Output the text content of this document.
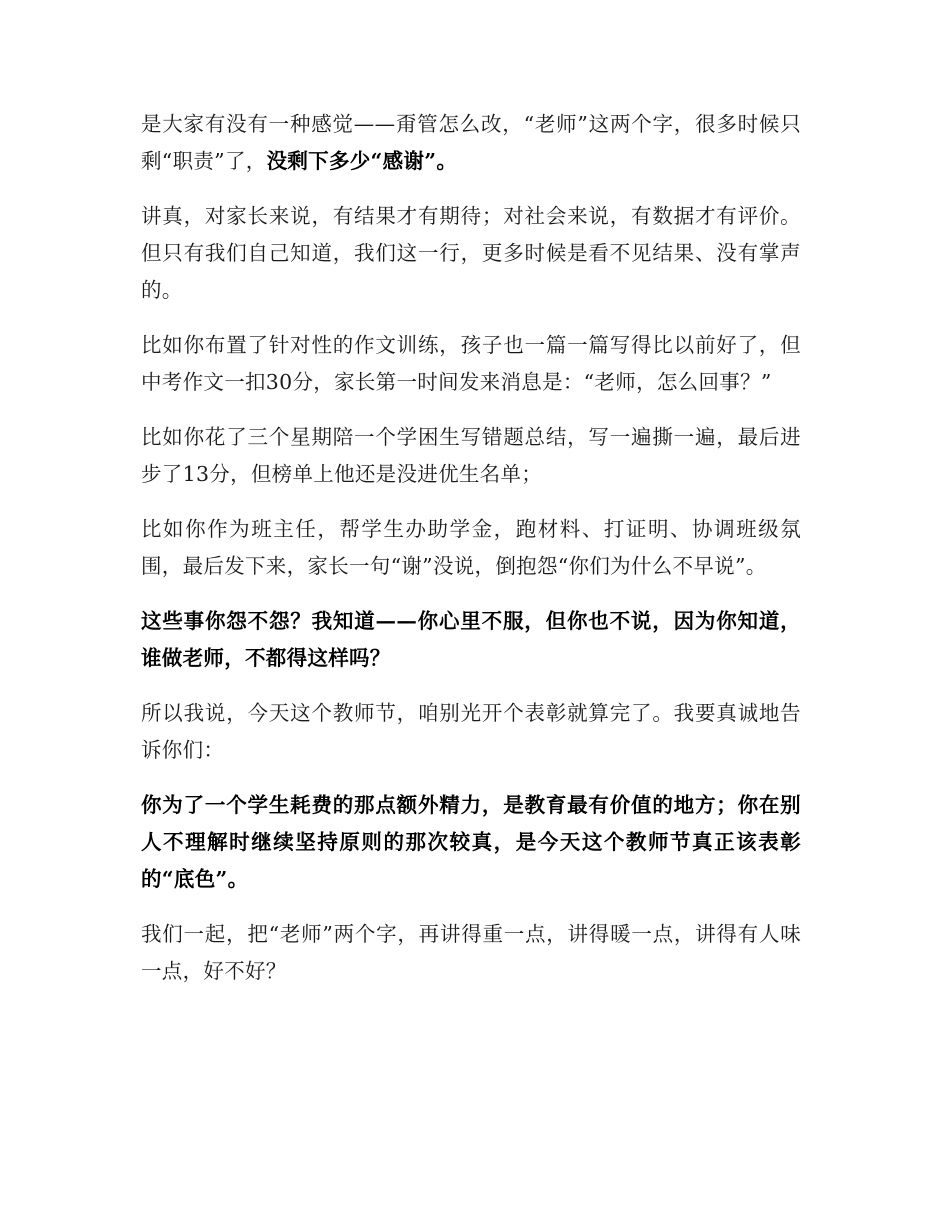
是大家有没有一种感觉——甭管怎么改，“老师”这两个字，很多时候只剩“职责”了，没剩下多少“感谢”。

讲真，对家长来说，有结果才有期待；对社会来说，有数据才有评价。但只有我们自己知道，我们这一行，更多时候是看不见结果、没有掌声的。

比如你布置了针对性的作文训练，孩子也一篇一篇写得比以前好了，但中考作文一扣30分，家长第一时间发来消息是：“老师，怎么回事？”

比如你花了三个星期陪一个学困生写错题总结，写一遍撕一遍，最后进步了13分，但榜单上他还是没进优生名单；

比如你作为班主任，帮学生办助学金，跑材料、打证明、协调班级氛围，最后发下来，家长一句“谢”没说，倒抱怨“你们为什么不早说”。

这些事你怨不怨？我知道——你心里不服，但你也不说，因为你知道，谁做老师，不都得这样吗？

所以我说，今天这个教师节，咱别光开个表彰就算完了。我要真诚地告诉你们：

你为了一个学生耗费的那点额外精力，是教育最有价值的地方；你在别人不理解时继续坚持原则的那次较真，是今天这个教师节真正该表彰的“底色”。

我们一起，把“老师”两个字，再讲得重一点，讲得暖一点，讲得有人味一点，好不好？
